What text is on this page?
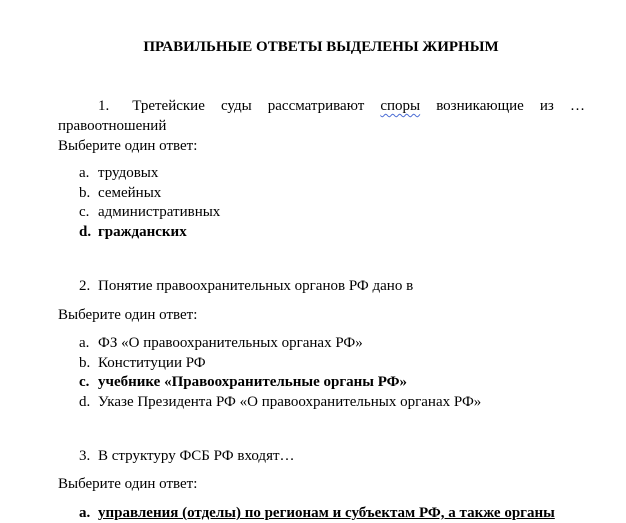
ПРАВИЛЬНЫЕ ОТВЕТЫ ВЫДЕЛЕНЫ ЖИРНЫМ
1. Третейские суды рассматривают споры возникающие из …
правоотношений
Выберите один ответ:
a. трудовых
b. семейных
c. административных
d. гражданских
2. Понятие правоохранительных органов РФ дано в
Выберите один ответ:
a. ФЗ «О правоохранительных органах РФ»
b. Конституции РФ
c. учебнике «Правоохранительные органы РФ»
d. Указе Президента РФ «О правоохранительных органах РФ»
3. В структуру ФСБ РФ входят…
Выберите один ответ:
a. управления (отделы) по регионам и субъектам РФ, а также органы
